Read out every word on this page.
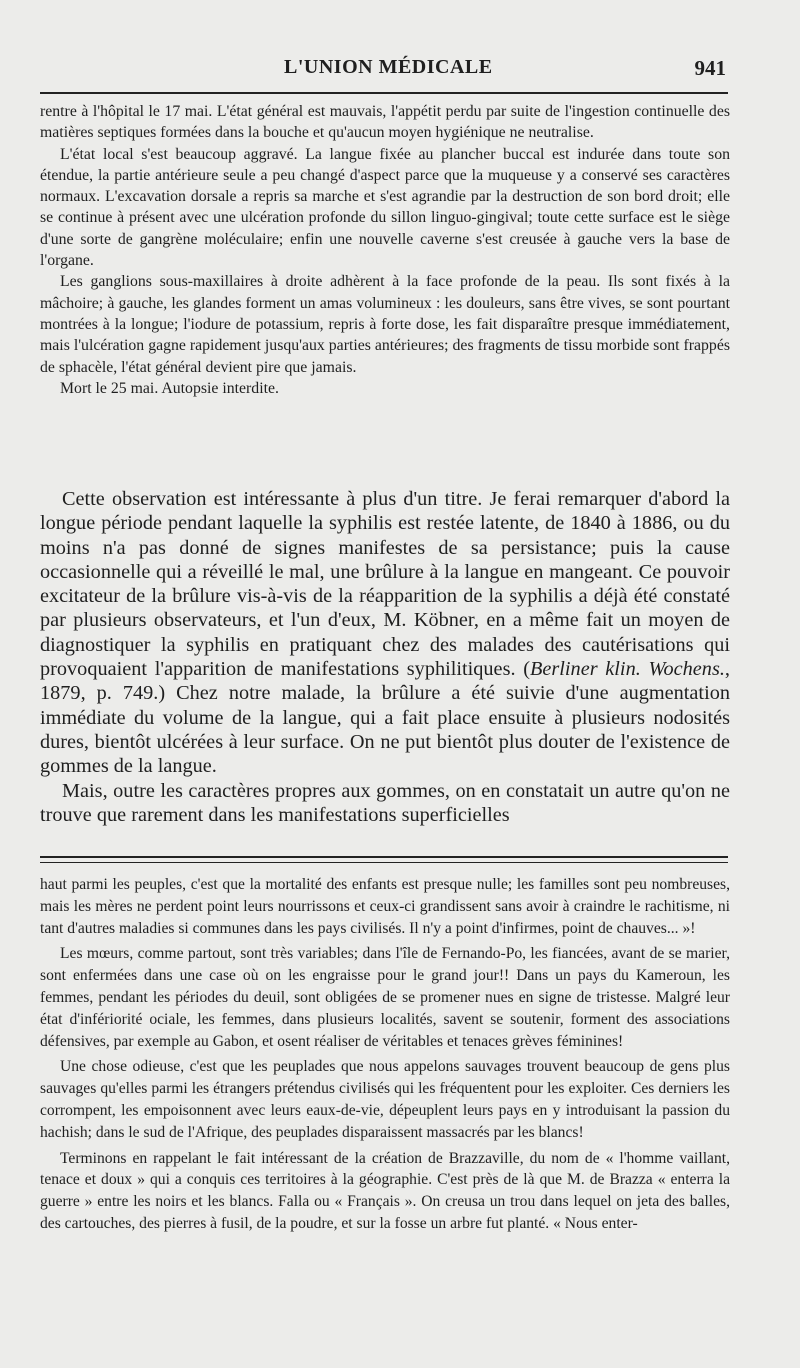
L'UNION MÉDICALE	941

rentre à l'hôpital le 17 mai. L'état général est mauvais, l'appétit perdu par suite de l'ingestion continuelle des matières septiques formées dans la bouche et qu'aucun moyen hygiénique ne neutralise.

L'état local s'est beaucoup aggravé. La langue fixée au plancher buccal est indurée dans toute son étendue, la partie antérieure seule a peu changé d'aspect parce que la muqueuse y a conservé ses caractères normaux. L'excavation dorsale a repris sa marche et s'est agrandie par la destruction de son bord droit; elle se continue à présent avec une ulcération profonde du sillon linguo-gingival; toute cette surface est le siège d'une sorte de gangrène moléculaire; enfin une nouvelle caverne s'est creusée à gauche vers la base de l'organe.

Les ganglions sous-maxillaires à droite adhèrent à la face profonde de la peau. Ils sont fixés à la mâchoire; à gauche, les glandes forment un amas volumineux : les douleurs, sans être vives, se sont pourtant montrées à la longue; l'iodure de potassium, repris à forte dose, les fait disparaître presque immédiatement, mais l'ulcération gagne rapidement jusqu'aux parties antérieures; des fragments de tissu morbide sont frappés de sphacèle, l'état général devient pire que jamais.

Mort le 25 mai. Autopsie interdite.

Cette observation est intéressante à plus d'un titre. Je ferai remarquer d'abord la longue période pendant laquelle la syphilis est restée latente, de 1840 à 1886, ou du moins n'a pas donné de signes manifestes de sa persistance; puis la cause occasionnelle qui a réveillé le mal, une brûlure à la langue en mangeant. Ce pouvoir excitateur de la brûlure vis-à-vis de la réapparition de la syphilis a déjà été constaté par plusieurs observateurs, et l'un d'eux, M. Köbner, en a même fait un moyen de diagnostiquer la syphilis en pratiquant chez des malades des cautérisations qui provoquaient l'apparition de manifestations syphilitiques. (Berliner klin. Wochens., 1879, p. 749.) Chez notre malade, la brûlure a été suivie d'une augmentation immédiate du volume de la langue, qui a fait place ensuite à plusieurs nodosités dures, bientôt ulcérées à leur surface. On ne put bientôt plus douter de l'existence de gommes de la langue.

Mais, outre les caractères propres aux gommes, on en constatait un autre qu'on ne trouve que rarement dans les manifestations superficielles

haut parmi les peuples, c'est que la mortalité des enfants est presque nulle; les familles sont peu nombreuses, mais les mères ne perdent point leurs nourrissons et ceux-ci grandissent sans avoir à craindre le rachitisme, ni tant d'autres maladies si communes dans les pays civilisés. Il n'y a point d'infirmes, point de chauves... »!

Les mœurs, comme partout, sont très variables; dans l'île de Fernando-Po, les fiancées, avant de se marier, sont enfermées dans une case où on les engraisse pour le grand jour!! Dans un pays du Kameroun, les femmes, pendant les périodes du deuil, sont obligées de se promener nues en signe de tristesse. Malgré leur état d'infériorité ociale, les femmes, dans plusieurs localités, savent se soutenir, forment des associations défensives, par exemple au Gabon, et osent réaliser de véritables et tenaces grèves féminines!

Une chose odieuse, c'est que les peuplades que nous appelons sauvages trouvent beaucoup de gens plus sauvages qu'elles parmi les étrangers prétendus civilisés qui les fréquentent pour les exploiter. Ces derniers les corrompent, les empoisonnent avec leurs eaux-de-vie, dépeuplent leurs pays en y introduisant la passion du hachish; dans le sud de l'Afrique, des peuplades disparaissent massacrés par les blancs!

Terminons en rappelant le fait intéressant de la création de Brazzaville, du nom de « l'homme vaillant, tenace et doux » qui a conquis ces territoires à la géographie. C'est près de là que M. de Brazza « enterra la guerre » entre les noirs et les blancs. Falla ou « Français ». On creusa un trou dans lequel on jeta des balles, des cartouches, des pierres à fusil, de la poudre, et sur la fosse un arbre fut planté. « Nous enter-
